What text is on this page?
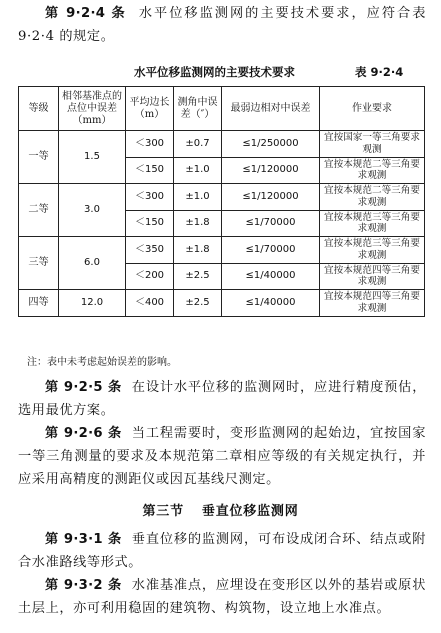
第 9·2·4 条 水平位移监测网的主要技术要求，应符合表 9·2·4 的规定。

水平位移监测网的主要技术要求	表 9·2·4
等级	相邻基准点的点位中误差（mm）	平均边长（m）	测角中误差（″）	最弱边相对中误差	作业要求
一等	1.5	＜300	±0.7	≤1/250000	宜按国家一等三角要求观测
		＜150	±1.0	≤1/120000	宜按本规范二等三角要求观测
二等	3.0	＜300	±1.0	≤1/120000	宜按本规范二等三角要求观测
		＜150	±1.8	≤1/70000	宜按本规范三等三角要求观测
三等	6.0	＜350	±1.8	≤1/70000	宜按本规范三等三角要求观测
		＜200	±2.5	≤1/40000	宜按本规范四等三角要求观测
四等	12.0	＜400	±2.5	≤1/40000	宜按本规范四等三角要求观测
注：表中未考虑起始误差的影响。

第 9·2·5 条 在设计水平位移的监测网时，应进行精度预估，选用最优方案。

第 9·2·6 条 当工程需要时，变形监测网的起始边，宜按国家一等三角测量的要求及本规范第二章相应等级的有关规定执行，并应采用高精度的测距仪或因瓦基线尺测定。

第三节 垂直位移监测网

第 9·3·1 条 垂直位移的监测网，可布设成闭合环、结点或附合水准路线等形式。

第 9·3·2 条 水准基准点，应埋设在变形区以外的基岩或原状土层上，亦可利用稳固的建筑物、构筑物，设立地上水准点。
